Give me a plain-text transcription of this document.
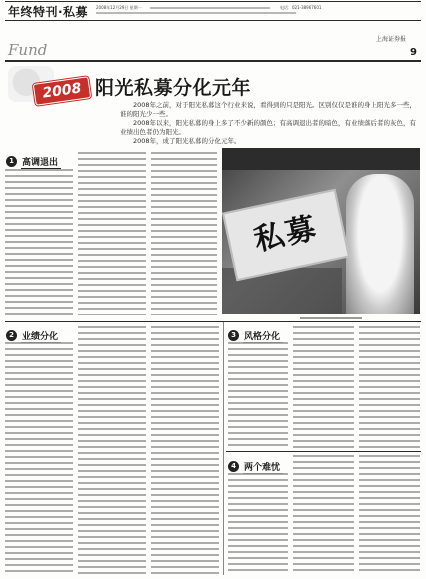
年终特刊·私募 2008年12月29日 星期一	电话：021-38967601
上海证券报
Fund	9
2008 阳光私募分化元年

2008年之前，对于阳光私募这个行业来说，看得到的只是阳光。区别仅仅是谁的身上阳光多一些，谁的阳光少一些。

2008年以来，阳光私募的身上多了不少新的颜色；有高调退出者的暗色，有业绩落后者的灰色，有业绩出色者仍为阳光。

2008年，成了阳光私募的分化元年。

1 高调退出
私募
2 业绩分化	3 风格分化
4 两个难忧
